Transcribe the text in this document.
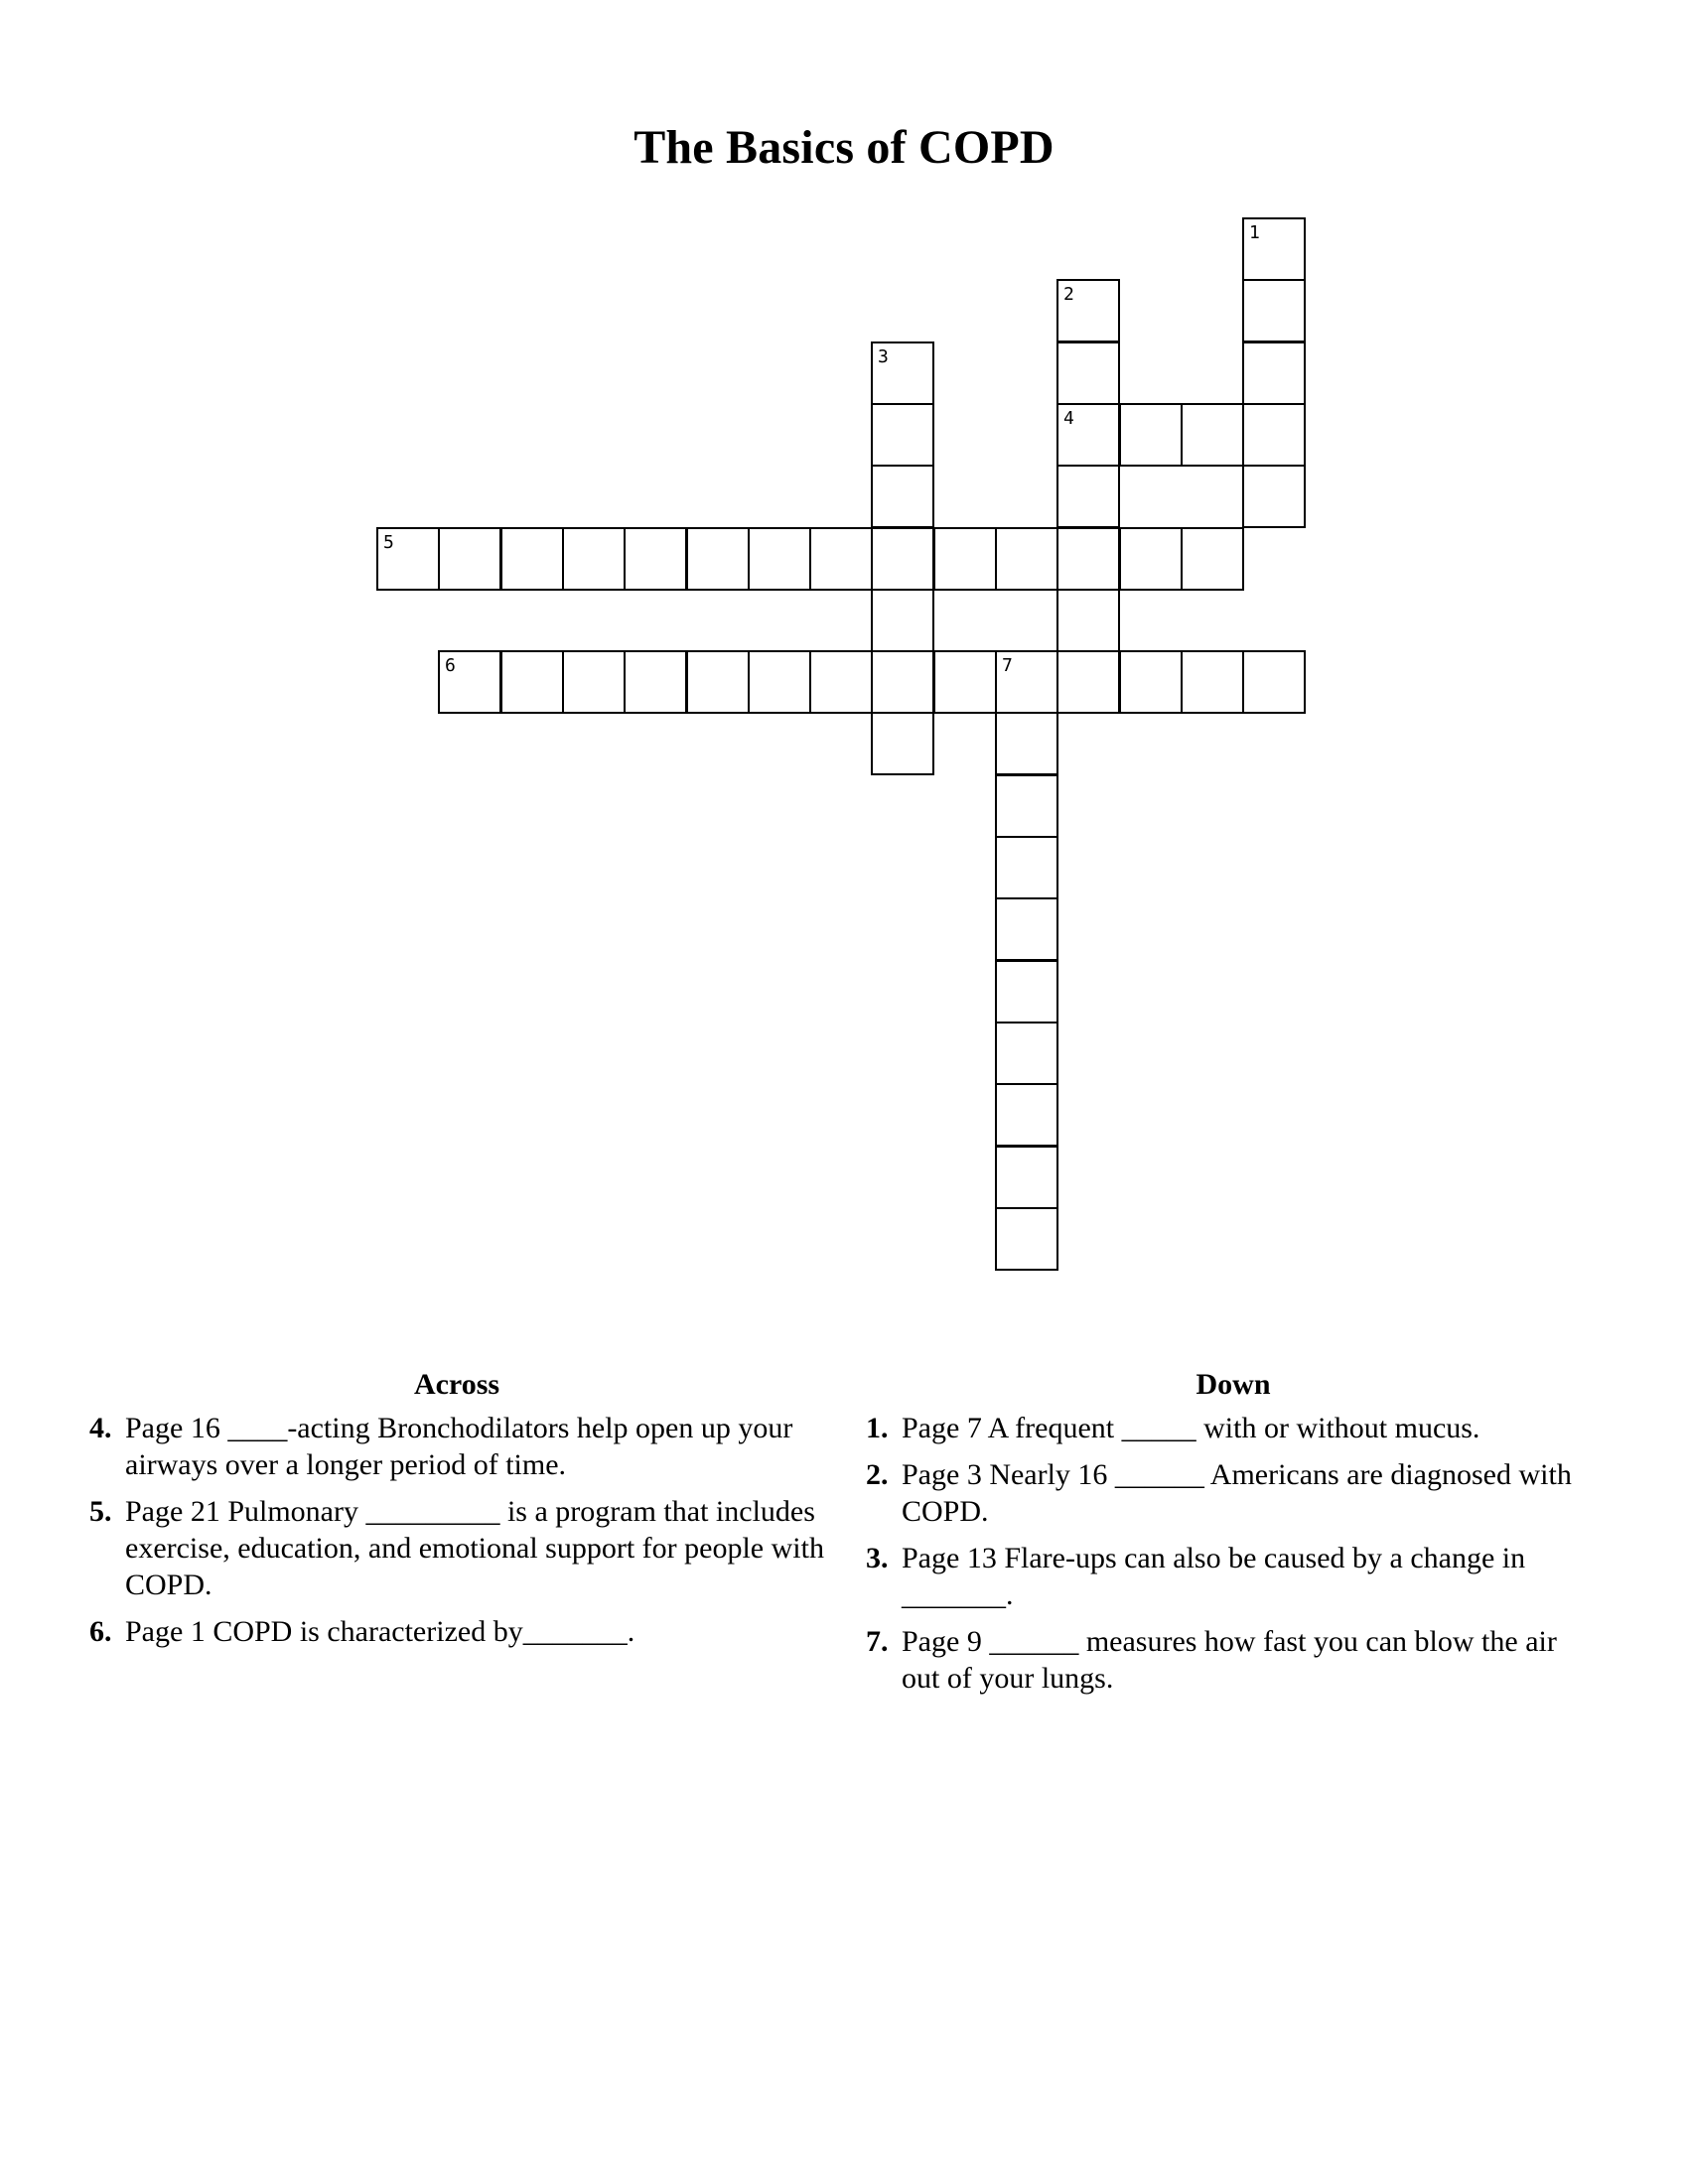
The Basics of COPD
1
2
4
3
5
6	7
Across
4. Page 16 ____-acting Bronchodilators help open up your airways over a longer period of time.
5. Page 21 Pulmonary _________ is a program that includes exercise, education, and emotional support for people with COPD.
6. Page 1 COPD is characterized by_______.
Down
1. Page 7 A frequent _____ with or without mucus.
2. Page 3 Nearly 16 ______ Americans are diagnosed with COPD.
3. Page 13 Flare-ups can also be caused by a change in _______.
7. Page 9 ______ measures how fast you can blow the air out of your lungs.
